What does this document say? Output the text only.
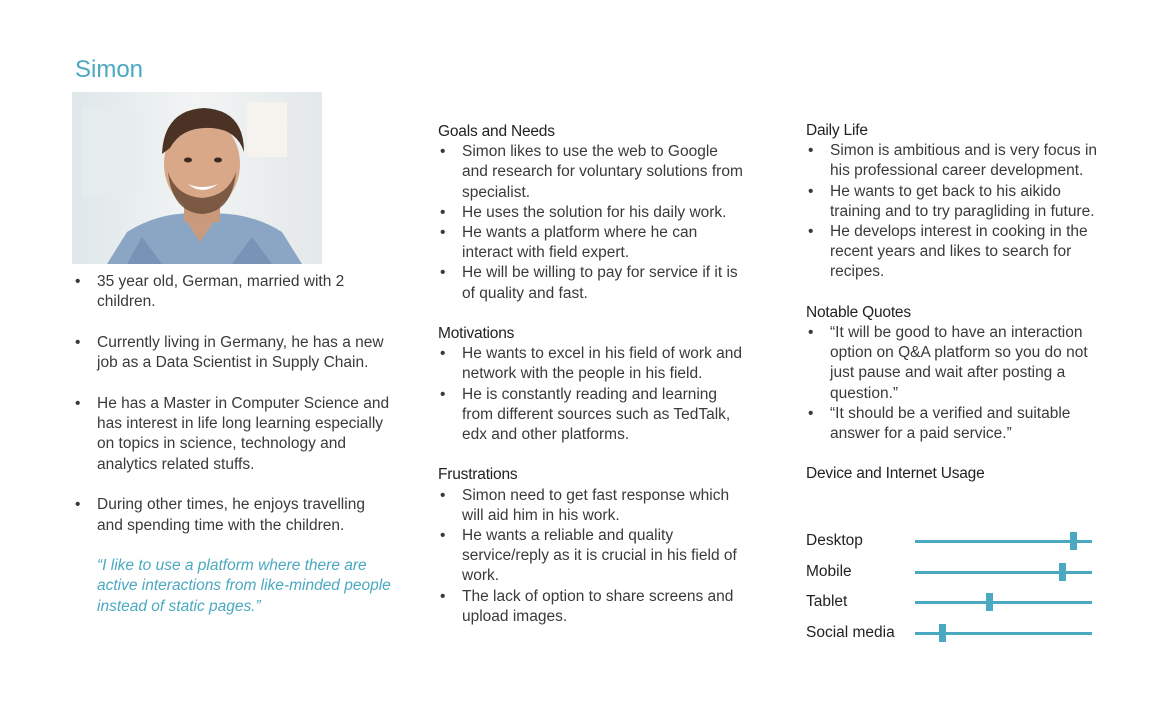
Simon
• 35 year old, German, married with 2 children.
• Currently living in Germany, he has a new job as a Data Scientist in Supply Chain.
• He has a Master in Computer Science and has interest in life long learning especially on topics in science, technology and analytics related stuffs.
• During other times, he enjoys travelling and spending time with the children.

“I like to use a platform where there are active interactions from like-minded people instead of static pages.”

Goals and Needs
• Simon likes to use the web to Google and research for voluntary solutions from specialist.
• He uses the solution for his daily work.
• He wants a platform where he can interact with field expert.
• He will be willing to pay for service if it is of quality and fast.
Motivations
• He wants to excel in his field of work and network with the people in his field.
• He is constantly reading and learning from different sources such as TedTalk, edx and other platforms.
Frustrations
• Simon need to get fast response which will aid him in his work.
• He wants a reliable and quality service/reply as it is crucial in his field of work.
• The lack of option to share screens and upload images.
Daily Life
• Simon is ambitious and is very focus in his professional career development.
• He wants to get back to his aikido training and to try paragliding in future.
• He develops interest in cooking in the recent years and likes to search for recipes.
Notable Quotes
• “It will be good to have an interaction option on Q&A platform so you do not just pause and wait after posting a question.”
• “It should be a verified and suitable answer for a paid service.”
Device and Internet Usage
Desktop
Mobile
Tablet
Social media
